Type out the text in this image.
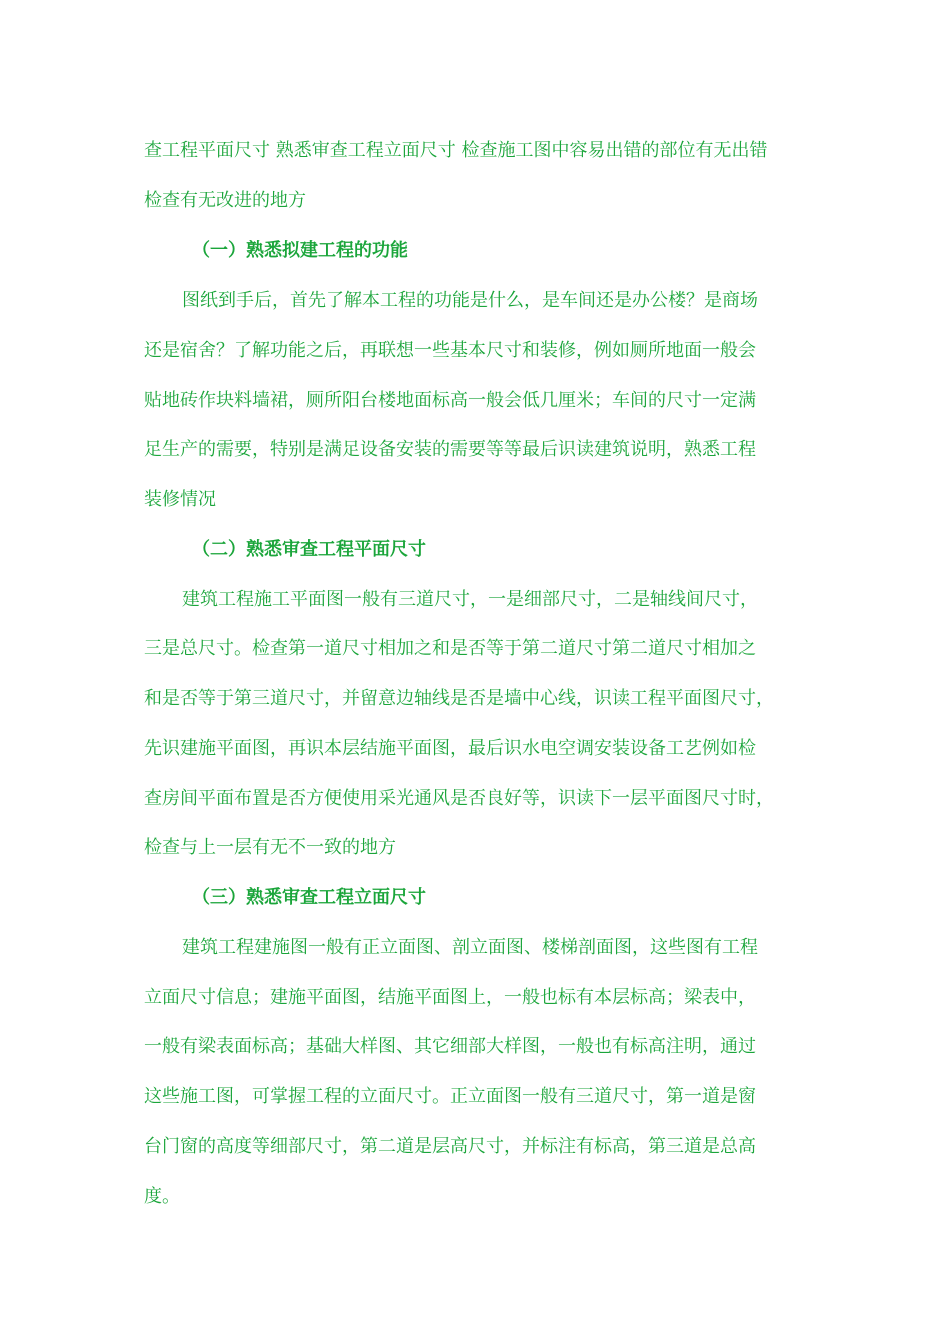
查工程平面尺寸 熟悉审查工程立面尺寸 检查施工图中容易出错的部位有无出错
检查有无改进的地方
（一）熟悉拟建工程的功能
图纸到手后，首先了解本工程的功能是什么，是车间还是办公楼？是商场
还是宿舍？了解功能之后，再联想一些基本尺寸和装修，例如厕所地面一般会
贴地砖作块料墙裙，厕所阳台楼地面标高一般会低几厘米；车间的尺寸一定满
足生产的需要，特别是满足设备安装的需要等等最后识读建筑说明，熟悉工程
装修情况
（二）熟悉审查工程平面尺寸
建筑工程施工平面图一般有三道尺寸，一是细部尺寸，二是轴线间尺寸，
三是总尺寸。检查第一道尺寸相加之和是否等于第二道尺寸第二道尺寸相加之
和是否等于第三道尺寸，并留意边轴线是否是墙中心线，识读工程平面图尺寸，
先识建施平面图，再识本层结施平面图，最后识水电空调安装设备工艺例如检
查房间平面布置是否方便使用采光通风是否良好等，识读下一层平面图尺寸时，
检查与上一层有无不一致的地方
（三）熟悉审查工程立面尺寸
建筑工程建施图一般有正立面图、剖立面图、楼梯剖面图，这些图有工程
立面尺寸信息；建施平面图，结施平面图上，一般也标有本层标高；梁表中，
一般有梁表面标高；基础大样图、其它细部大样图，一般也有标高注明，通过
这些施工图，可掌握工程的立面尺寸。正立面图一般有三道尺寸，第一道是窗
台门窗的高度等细部尺寸，第二道是层高尺寸，并标注有标高，第三道是总高
度。
